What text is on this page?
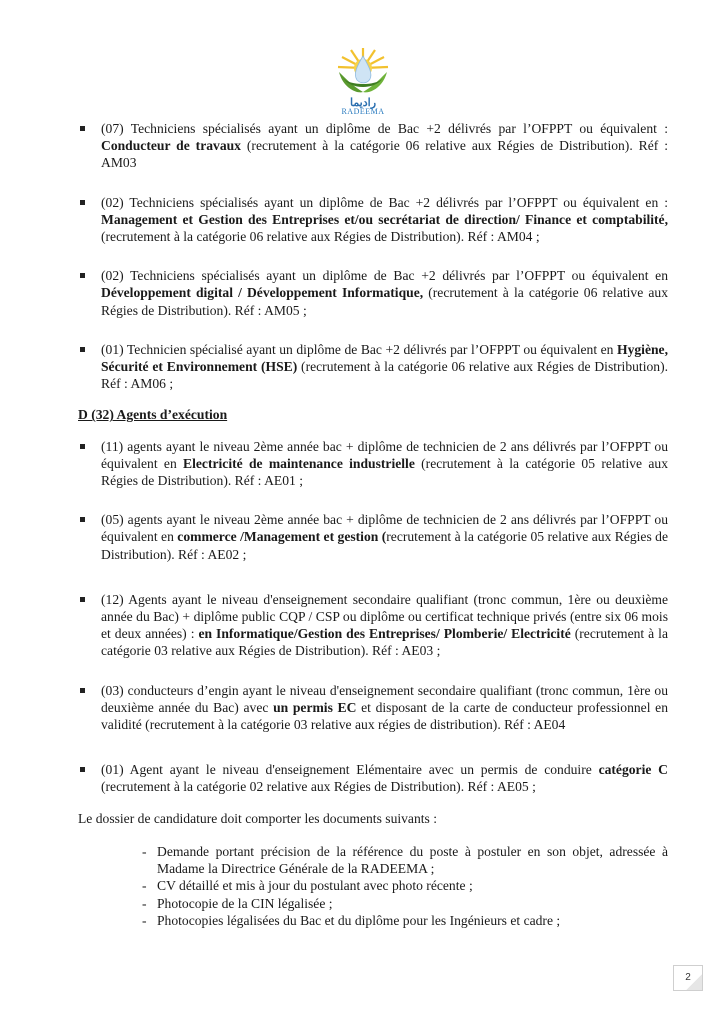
راديما
RADEEMA
(07) Techniciens spécialisés ayant un diplôme de Bac +2 délivrés par l’OFPPT ou équivalent : Conducteur de travaux (recrutement à la catégorie 06 relative aux Régies de Distribution). Réf : AM03
(02) Techniciens spécialisés ayant un diplôme de Bac +2 délivrés par l’OFPPT ou équivalent en : Management et Gestion des Entreprises et/ou secrétariat de direction/ Finance et comptabilité, (recrutement à la catégorie 06 relative aux Régies de Distribution). Réf : AM04 ;
(02) Techniciens spécialisés ayant un diplôme de Bac +2 délivrés par l’OFPPT ou équivalent en Développement digital / Développement Informatique, (recrutement à la catégorie 06 relative aux Régies de Distribution). Réf : AM05 ;
(01) Technicien spécialisé ayant un diplôme de Bac +2 délivrés par l’OFPPT ou équivalent en Hygiène, Sécurité et Environnement (HSE) (recrutement à la catégorie 06 relative aux Régies de Distribution). Réf : AM06 ;

D (32) Agents d’exécution

(11) agents ayant le niveau 2ème année bac + diplôme de technicien de 2 ans délivrés par l’OFPPT ou équivalent en Electricité de maintenance industrielle (recrutement à la catégorie 05 relative aux Régies de Distribution). Réf : AE01 ;
(05) agents ayant le niveau 2ème année bac + diplôme de technicien de 2 ans délivrés par l’OFPPT ou équivalent en commerce /Management et gestion (recrutement à la catégorie 05 relative aux Régies de Distribution). Réf : AE02 ;
(12) Agents ayant le niveau d'enseignement secondaire qualifiant (tronc commun, 1ère ou deuxième année du Bac) + diplôme public CQP / CSP ou diplôme ou certificat technique privés (entre six 06 mois et deux années) : en Informatique/Gestion des Entreprises/ Plomberie/ Electricité (recrutement à la catégorie 03 relative aux Régies de Distribution). Réf : AE03 ;
(03) conducteurs d’engin ayant le niveau d'enseignement secondaire qualifiant (tronc commun, 1ère ou deuxième année du Bac) avec un permis EC et disposant de la carte de conducteur professionnel en validité (recrutement à la catégorie 03 relative aux régies de distribution). Réf : AE04
(01) Agent ayant le niveau d'enseignement Elémentaire avec un permis de conduire catégorie C (recrutement à la catégorie 02 relative aux Régies de Distribution). Réf : AE05 ;

Le dossier de candidature doit comporter les documents suivants :

- Demande portant précision de la référence du poste à postuler en son objet, adressée à Madame la Directrice Générale de la RADEEMA ;
- CV détaillé et mis à jour du postulant avec photo récente ;
- Photocopie de la CIN légalisée ;
- Photocopies légalisées du Bac et du diplôme pour les Ingénieurs et cadre ;
2
